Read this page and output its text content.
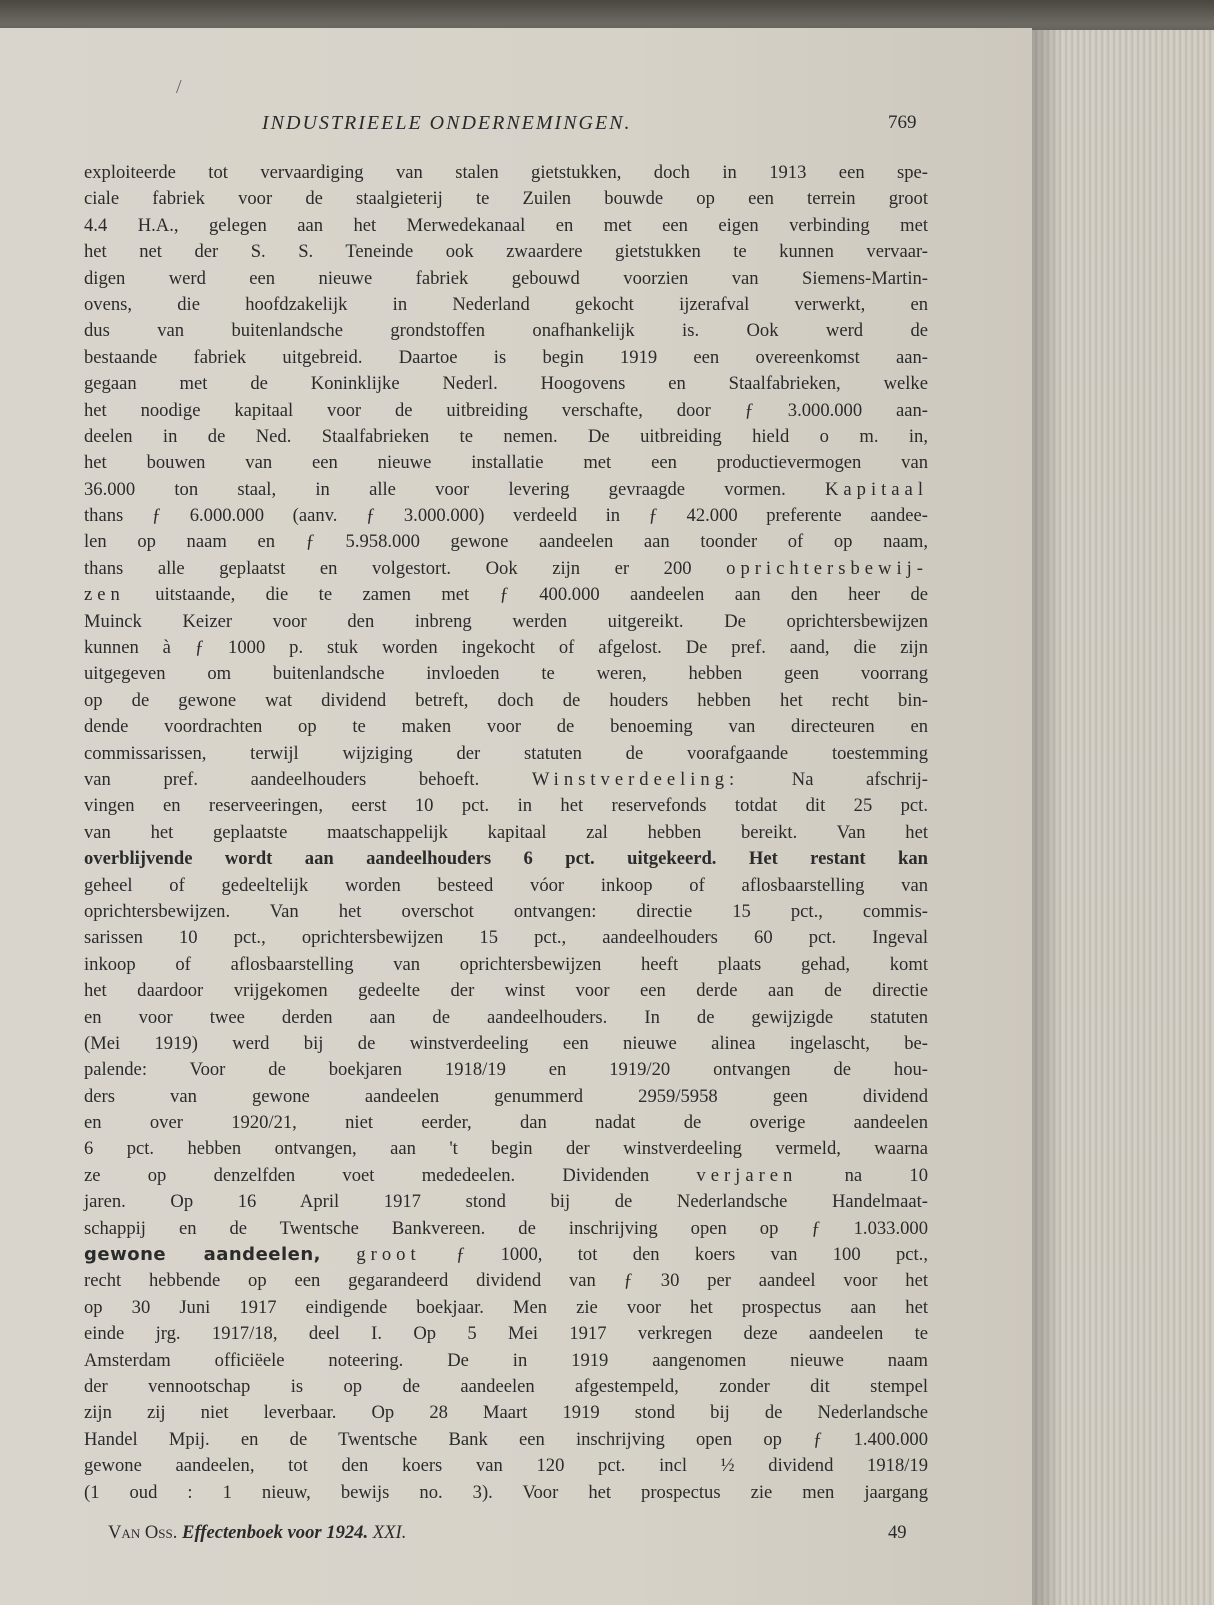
/
INDUSTRIEELE ONDERNEMINGEN.	769
exploiteerde tot vervaardiging van stalen gietstukken, doch in 1913 een spe-
ciale fabriek voor de staalgieterij te Zuilen bouwde op een terrein groot
4.4 H.A., gelegen aan het Merwedekanaal en met een eigen verbinding met
het net der S. S. Teneinde ook zwaardere gietstukken te kunnen vervaar-
digen werd een nieuwe fabriek gebouwd voorzien van Siemens-Martin-
ovens, die hoofdzakelijk in Nederland gekocht ijzerafval verwerkt, en
dus van buitenlandsche grondstoffen onafhankelijk is. Ook werd de
bestaande fabriek uitgebreid. Daartoe is begin 1919 een overeenkomst aan-
gegaan met de Koninklijke Nederl. Hoogovens en Staalfabrieken, welke
het noodige kapitaal voor de uitbreiding verschafte, door ƒ 3.000.000 aan-
deelen in de Ned. Staalfabrieken te nemen. De uitbreiding hield o m. in,
het bouwen van een nieuwe installatie met een productievermogen van
36.000 ton staal, in alle voor levering gevraagde vormen. Kapitaal
thans ƒ 6.000.000 (aanv. ƒ 3.000.000) verdeeld in ƒ 42.000 preferente aandee-
len op naam en ƒ 5.958.000 gewone aandeelen aan toonder of op naam,
thans alle geplaatst en volgestort. Ook zijn er 200 oprichtersbewij-
zen uitstaande, die te zamen met ƒ 400.000 aandeelen aan den heer de
Muinck Keizer voor den inbreng werden uitgereikt. De oprichtersbewijzen
kunnen à ƒ 1000 p. stuk worden ingekocht of afgelost. De pref. aand, die zijn
uitgegeven om buitenlandsche invloeden te weren, hebben geen voorrang
op de gewone wat dividend betreft, doch de houders hebben het recht bin-
dende voordrachten op te maken voor de benoeming van directeuren en
commissarissen, terwijl wijziging der statuten de voorafgaande toestemming
van pref. aandeelhouders behoeft.	Winstverdeeling:	Na afschrij-
vingen en reserveeringen, eerst 10 pct. in het reservefonds totdat dit 25 pct.
van het geplaatste maatschappelijk kapitaal zal hebben bereikt. Van het
overblijvende wordt aan aandeelhouders 6 pct. uitgekeerd. Het restant kan
geheel of gedeeltelijk worden besteed vóor inkoop of aflosbaarstelling van
oprichtersbewijzen. Van het overschot ontvangen: directie 15 pct., commis-
sarissen 10 pct., oprichtersbewijzen 15 pct., aandeelhouders 60 pct. Ingeval
inkoop of aflosbaarstelling van oprichtersbewijzen heeft plaats gehad, komt
het daardoor vrijgekomen gedeelte der winst voor een derde aan de directie
en voor twee derden aan de aandeelhouders. In de gewijzigde statuten
(Mei 1919) werd bij de winstverdeeling een nieuwe alinea ingelascht, be-
palende: Voor de boekjaren 1918/19 en 1919/20 ontvangen de hou-
ders van gewone aandeelen genummerd 2959/5958 geen dividend
en over 1920/21, niet eerder, dan nadat de overige aandeelen
6 pct. hebben ontvangen, aan 't begin der winstverdeeling vermeld, waarna
ze op denzelfden voet mededeelen. Dividenden	verjaren	na 10
jaren. Op 16 April 1917 stond bij de Nederlandsche Handelmaat-
schappij en de Twentsche Bankvereen. de inschrijving open op ƒ 1.033.000
gewone aandeelen, groot ƒ 1000, tot den koers van 100 pct.,
recht hebbende op een gegarandeerd dividend van ƒ 30 per aandeel voor het
op 30 Juni 1917 eindigende boekjaar. Men zie voor het prospectus aan het
einde jrg. 1917/18, deel I. Op 5 Mei 1917 verkregen deze aandeelen te
Amsterdam officiëele noteering. De in 1919 aangenomen nieuwe naam
der vennootschap is op de aandeelen afgestempeld, zonder dit stempel
zijn zij niet leverbaar. Op 28 Maart 1919 stond bij de Nederlandsche
Handel Mpij. en de Twentsche Bank een inschrijving open op ƒ 1.400.000
gewone aandeelen, tot den koers van 120 pct. incl ½ dividend 1918/19
(1 oud : 1 nieuw, bewijs no. 3). Voor het prospectus zie men jaargang
Van Oss. Effectenboek voor 1924. XXI.	49
